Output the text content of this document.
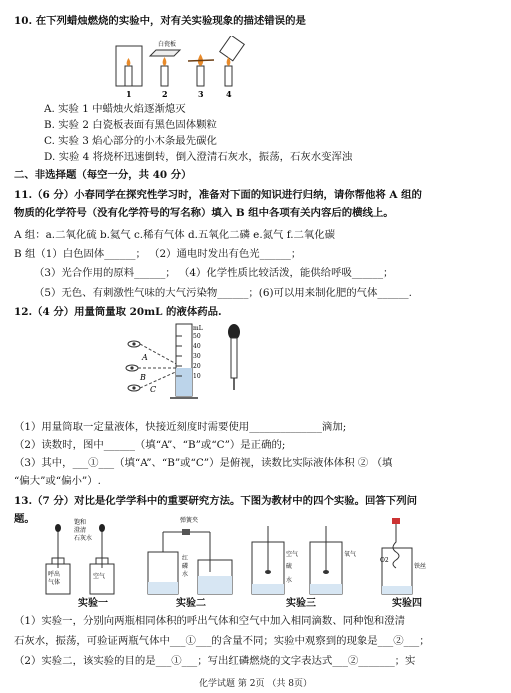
10. 在下列蜡烛燃烧的实验中，对有关实验现象的描述错误的是
白瓷板
1	2	3	4
A. 实验 1 中蜡烛火焰逐渐熄灭
B. 实验 2 白瓷板表面有黑色固体颗粒
C. 实验 3 焰心部分的小木条最先碳化
D. 实验 4 将烧杯迅速倒转，倒入澄清石灰水，振荡，石灰水变浑浊
二、非选择题（每空一分，共 40 分）
11.（6 分）小春同学在探究性学习时，准备对下面的知识进行归纳，请你帮他将 A 组的
物质的化学符号（没有化学符号的写名称）填入 B 组中各项有关内容后的横线上。
A 组：a.二氧化硫 b.氦气 c.稀有气体 d.五氧化二磷 e.氮气 f.二氧化碳
B 组（1）白色固体______； （2）通电时发出有色光______；
（3）光合作用的原料______； （4）化学性质比较活泼，能供给呼吸______；
（5）无色、有刺激性气味的大气污染物______；(6)可以用来制化肥的气体______.
12.（4 分）用量筒量取 20mL 的液体药品.
A
B
C
mL
50
40
30
20
10
（1）用量筒取一定量液体，快接近刻度时需要使用______________滴加;
（2）读数时，图中______（填“A”、“B”或“C”）是正确的;
（3）其中，___①___（填“A”、“B”或“C”）是俯视，读数比实际液体体积 ② （填
“偏大”或“偏小”）.
13.（7 分）对比是化学学科中的重要研究方法。下图为教材中的四个实验。回答下列问
题。	饱和
澄清
石灰水
呼出
气体
空气
弹簧夹
红
磷
水
空气
硫
水
氧气
O2
铁丝
实验一	实验二	实验三	实验四
（1）实验一，分别向两瓶相同体积的呼出气体和空气中加入相同滴数、同种饱和澄清
石灰水，振荡，可验证两瓶气体中___①___的含量不同；实验中观察到的现象是___②___；
（2）实验二，该实验的目的是___①___；写出红磷燃烧的文字表达式___②_______；实
化学试题 第 2页 （共 8页）
